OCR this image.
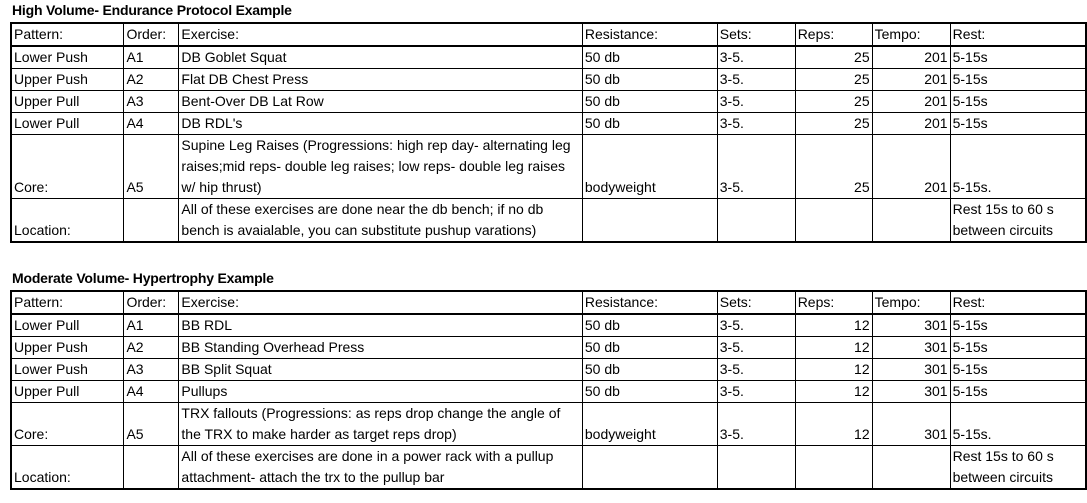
High Volume- Endurance Protocol Example
Pattern:	Order:	Exercise:	Resistance:	Sets:	Reps:	Tempo:	Rest:
Lower Push	A1	DB Goblet Squat	50 db	3-5.	25	201	5-15s
Upper Push	A2	Flat DB Chest Press	50 db	3-5.	25	201	5-15s
Upper Pull	A3	Bent-Over DB Lat Row	50 db	3-5.	25	201	5-15s
Lower Pull	A4	DB RDL's	50 db	3-5.	25	201	5-15s
Core:	A5	Supine Leg Raises (Progressions: high rep day- alternating leg raises;mid reps- double leg raises; low reps- double leg raises w/ hip thrust)	bodyweight	3-5.	25	201	5-15s.
Location:		All of these exercises are done near the db bench; if no db bench is avaialable, you can substitute pushup varations)					Rest 15s to 60 s between circuits
Moderate Volume- Hypertrophy Example
Pattern:	Order:	Exercise:	Resistance:	Sets:	Reps:	Tempo:	Rest:
Lower Pull	A1	BB RDL	50 db	3-5.	12	301	5-15s
Upper Push	A2	BB Standing Overhead Press	50 db	3-5.	12	301	5-15s
Lower Push	A3	BB Split Squat	50 db	3-5.	12	301	5-15s
Upper Pull	A4	Pullups	50 db	3-5.	12	301	5-15s
Core:	A5	TRX fallouts (Progressions: as reps drop change the angle of the TRX to make harder as target reps drop)	bodyweight	3-5.	12	301	5-15s.
Location:		All of these exercises are done in a power rack with a pullup attachment- attach the trx to the pullup bar					Rest 15s to 60 s between circuits
